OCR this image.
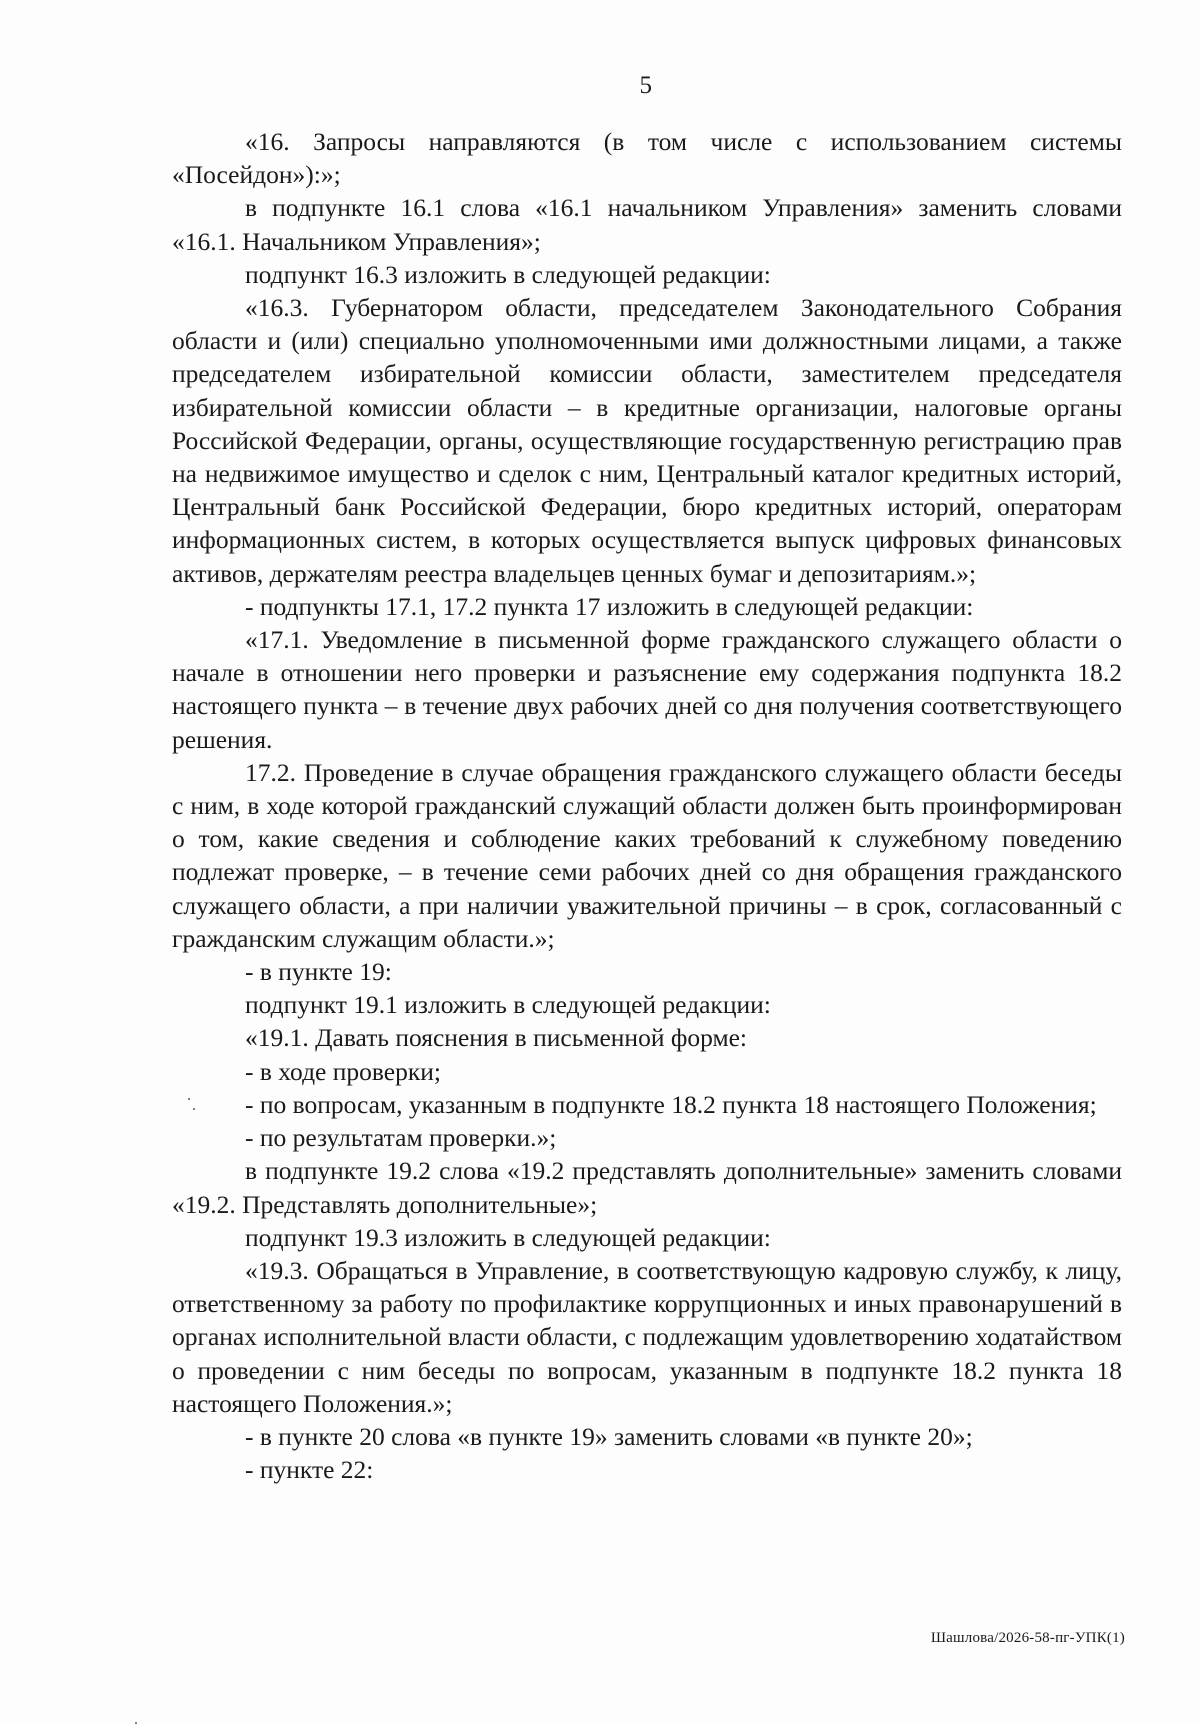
5

«16. Запросы направляются (в том числе с использованием системы «Посейдон»):»;

в подпункте 16.1 слова «16.1 начальником Управления» заменить словами «16.1. Начальником Управления»;

подпункт 16.3 изложить в следующей редакции:

«16.3. Губернатором области, председателем Законодательного Собрания области и (или) специально уполномоченными ими должностными лицами, а также председателем избирательной комиссии области, заместителем председателя избирательной комиссии области – в кредитные организации, налоговые органы Российской Федерации, органы, осуществляющие государственную регистрацию прав на недвижимое имущество и сделок с ним, Центральный каталог кредитных историй, Центральный банк Российской Федерации, бюро кредитных историй, операторам информационных систем, в которых осуществляется выпуск цифровых финансовых активов, держателям реестра владельцев ценных бумаг и депозитариям.»;

- подпункты 17.1, 17.2 пункта 17 изложить в следующей редакции:

«17.1. Уведомление в письменной форме гражданского служащего области о начале в отношении него проверки и разъяснение ему содержания подпункта 18.2 настоящего пункта – в течение двух рабочих дней со дня получения соответствующего решения.

17.2. Проведение в случае обращения гражданского служащего области беседы с ним, в ходе которой гражданский служащий области должен быть проинформирован о том, какие сведения и соблюдение каких требований к служебному поведению подлежат проверке, – в течение семи рабочих дней со дня обращения гражданского служащего области, а при наличии уважительной причины – в срок, согласованный с гражданским служащим области.»;

- в пункте 19:

подпункт 19.1 изложить в следующей редакции:

«19.1. Давать пояснения в письменной форме:

- в ходе проверки;

- по вопросам, указанным в подпункте 18.2 пункта 18 настоящего Положения;

- по результатам проверки.»;

в подпункте 19.2 слова «19.2 представлять дополнительные» заменить словами «19.2. Представлять дополнительные»;

подпункт 19.3 изложить в следующей редакции:

«19.3. Обращаться в Управление, в соответствующую кадровую службу, к лицу, ответственному за работу по профилактике коррупционных и иных правонарушений в органах исполнительной власти области, с подлежащим удовлетворению ходатайством о проведении с ним беседы по вопросам, указанным в подпункте 18.2 пункта 18 настоящего Положения.»;

- в пункте 20 слова «в пункте 19» заменить словами «в пункте 20»;

- пункте 22:

Шашлова/2026-58-пг-УПК(1)
